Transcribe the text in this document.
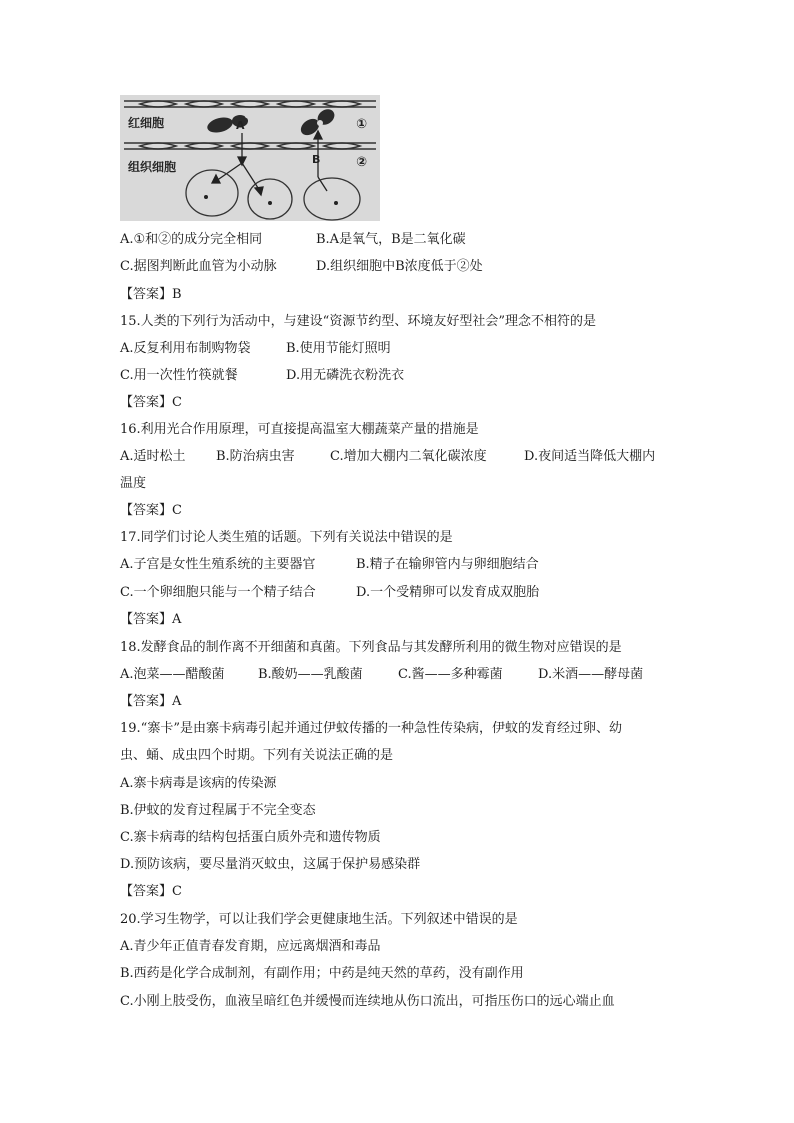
红细胞
组织细胞
A
B
①
②
A.①和②的成分完全相同	B.A是氧气，B是二氧化碳
C.据图判断此血管为小动脉	D.组织细胞中B浓度低于②处
【答案】B
15.人类的下列行为活动中，与建设“资源节约型、环境友好型社会”理念不相符的是
A.反复利用布制购物袋	B.使用节能灯照明
C.用一次性竹筷就餐	D.用无磷洗衣粉洗衣
【答案】C
16.利用光合作用原理，可直接提高温室大棚蔬菜产量的措施是
A.适时松土 B.防治病虫害	C.增加大棚内二氧化碳浓度	D.夜间适当降低大棚内
温度
【答案】C
17.同学们讨论人类生殖的话题。下列有关说法中错误的是
A.子宫是女性生殖系统的主要器官	B.精子在输卵管内与卵细胞结合
C.一个卵细胞只能与一个精子结合	D.一个受精卵可以发育成双胞胎
【答案】A
18.发酵食品的制作离不开细菌和真菌。下列食品与其发酵所利用的微生物对应错误的是
A.泡菜——醋酸菌	B.酸奶——乳酸菌	C.酱——多种霉菌	D.米酒——酵母菌
【答案】A
19.“寨卡”是由寨卡病毒引起并通过伊蚊传播的一种急性传染病，伊蚊的发育经过卵、幼
虫、蛹、成虫四个时期。下列有关说法正确的是
A.寨卡病毒是该病的传染源
B.伊蚊的发育过程属于不完全变态
C.寨卡病毒的结构包括蛋白质外壳和遗传物质
D.预防该病，要尽量消灭蚊虫，这属于保护易感染群
【答案】C
20.学习生物学，可以让我们学会更健康地生活。下列叙述中错误的是
A.青少年正值青春发育期，应远离烟酒和毒品
B.西药是化学合成制剂，有副作用；中药是纯天然的草药，没有副作用
C.小刚上肢受伤，血液呈暗红色并缓慢而连续地从伤口流出，可指压伤口的远心端止血
